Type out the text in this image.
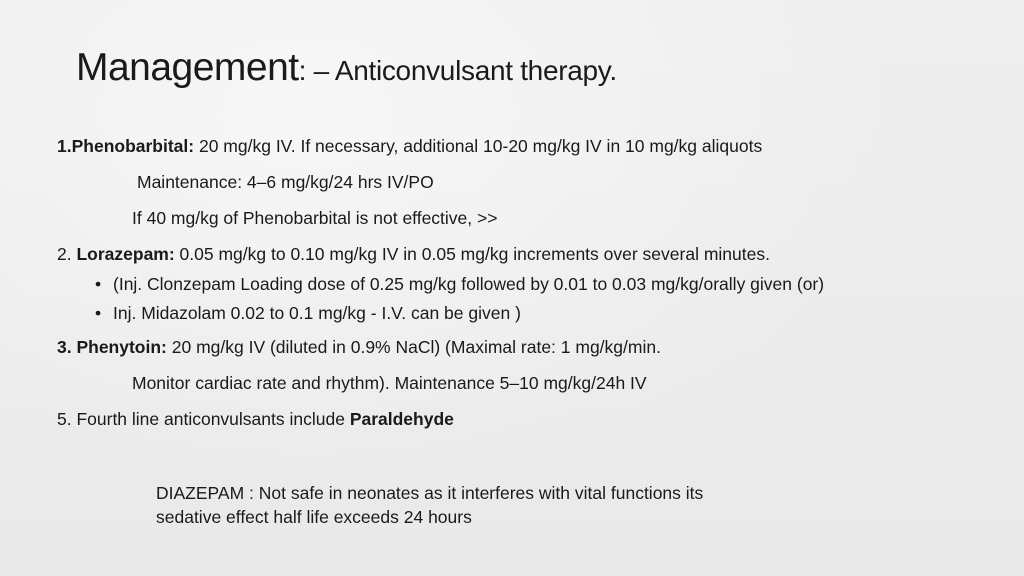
Management: – Anticonvulsant therapy.
1.Phenobarbital: 20 mg/kg IV. If necessary, additional 10-20 mg/kg IV in 10 mg/kg aliquots
Maintenance: 4–6 mg/kg/24 hrs IV/PO
If 40 mg/kg of Phenobarbital is not effective, >>
2. Lorazepam: 0.05 mg/kg to 0.10 mg/kg IV in 0.05 mg/kg increments over several minutes.
• (Inj. Clonzepam Loading dose of 0.25 mg/kg followed by 0.01 to 0.03 mg/kg/orally given (or)
• Inj. Midazolam 0.02 to 0.1 mg/kg - I.V. can be given )
3. Phenytoin: 20 mg/kg IV (diluted in 0.9% NaCl) (Maximal rate: 1 mg/kg/min.
Monitor cardiac rate and rhythm). Maintenance 5–10 mg/kg/24h IV
5. Fourth line anticonvulsants include Paraldehyde
DIAZEPAM : Not safe in neonates as it interferes with vital functions its
sedative effect half life exceeds 24 hours
